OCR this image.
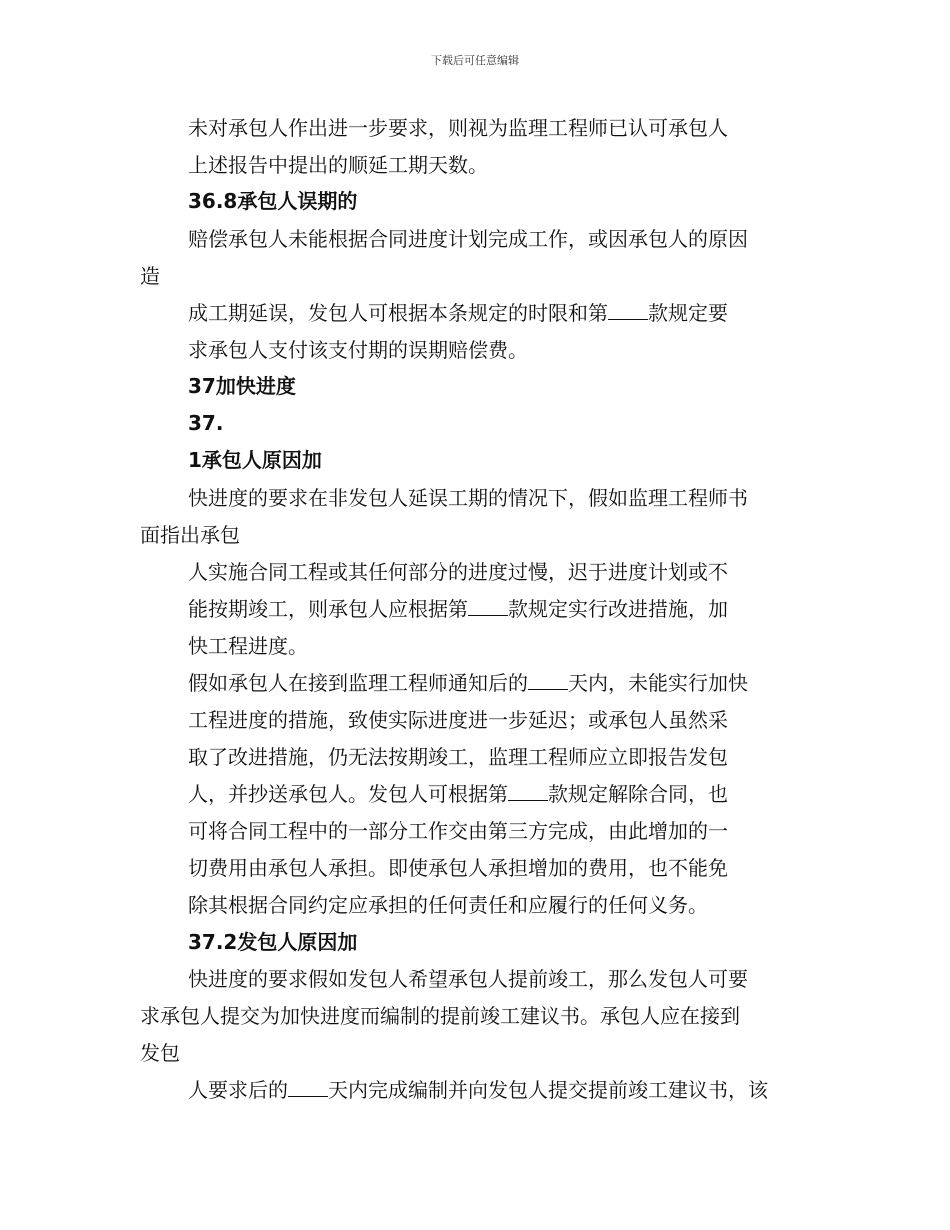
下载后可任意编辑
未对承包人作出进一步要求，则视为监理工程师已认可承包人
上述报告中提出的顺延工期天数。
36.8承包人误期的
赔偿承包人未能根据合同进度计划完成工作，或因承包人的原因
造
成工期延误，发包人可根据本条规定的时限和第 款规定要
求承包人支付该支付期的误期赔偿费。
37加快进度
37.
1承包人原因加
快进度的要求在非发包人延误工期的情况下，假如监理工程师书
面指出承包
人实施合同工程或其任何部分的进度过慢，迟于进度计划或不
能按期竣工，则承包人应根据第 款规定实行改进措施，加
快工程进度。
假如承包人在接到监理工程师通知后的 天内，未能实行加快
工程进度的措施，致使实际进度进一步延迟；或承包人虽然采
取了改进措施，仍无法按期竣工，监理工程师应立即报告发包
人，并抄送承包人。发包人可根据第 款规定解除合同，也
可将合同工程中的一部分工作交由第三方完成，由此增加的一
切费用由承包人承担。即使承包人承担增加的费用，也不能免
除其根据合同约定应承担的任何责任和应履行的任何义务。
37.2发包人原因加
快进度的要求假如发包人希望承包人提前竣工，那么发包人可要
求承包人提交为加快进度而编制的提前竣工建议书。承包人应在接到
发包
人要求后的 天内完成编制并向发包人提交提前竣工建议书，该
